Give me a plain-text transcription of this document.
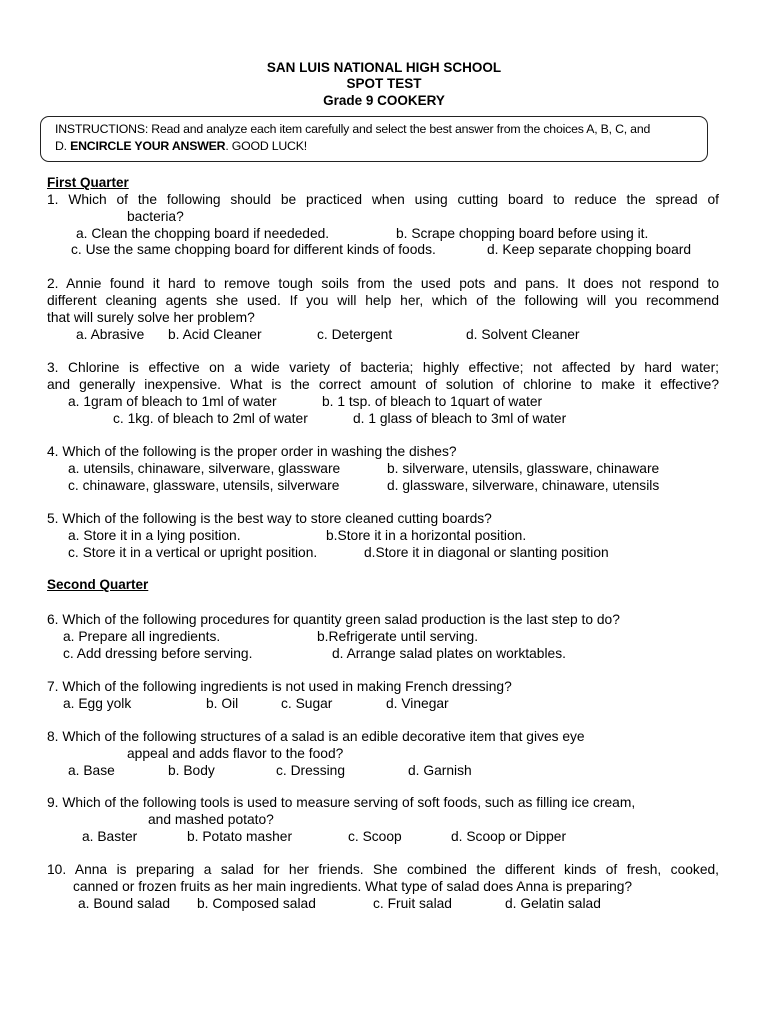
SAN LUIS NATIONAL HIGH SCHOOL
SPOT TEST
Grade 9 COOKERY
INSTRUCTIONS: Read and analyze each item carefully and select the best answer from the choices A, B, C, and
D. ENCIRCLE YOUR ANSWER. GOOD LUCK!
First Quarter
1. Which of the following should be practiced when using cutting board to reduce the spread of
bacteria?
a. Clean the chopping board if neededed.	b. Scrape chopping board before using it.
c. Use the same chopping board for different kinds of foods.	d. Keep separate chopping board
2. Annie found it hard to remove tough soils from the used pots and pans. It does not respond to
different cleaning agents she used. If you will help her, which of the following will you recommend
that will surely solve her problem?
a. Abrasive b. Acid Cleaner	c. Detergent	d. Solvent Cleaner
3. Chlorine is effective on a wide variety of bacteria; highly effective; not affected by hard water;
and generally inexpensive. What is the correct amount of solution of chlorine to make it effective?
a. 1gram of bleach to 1ml of water	b. 1 tsp. of bleach to 1quart of water
c. 1kg. of bleach to 2ml of water	d. 1 glass of bleach to 3ml of water
4. Which of the following is the proper order in washing the dishes?
a. utensils, chinaware, silverware, glassware	b. silverware, utensils, glassware, chinaware
c. chinaware, glassware, utensils, silverware	d. glassware, silverware, chinaware, utensils
5. Which of the following is the best way to store cleaned cutting boards?
a. Store it in a lying position.	b.Store it in a horizontal position.
c. Store it in a vertical or upright position.	d.Store it in diagonal or slanting position
Second Quarter
6. Which of the following procedures for quantity green salad production is the last step to do?
a. Prepare all ingredients.	b.Refrigerate until serving.
c. Add dressing before serving.	d. Arrange salad plates on worktables.
7. Which of the following ingredients is not used in making French dressing?
a. Egg yolk	b. Oil	c. Sugar	d. Vinegar
8. Which of the following structures of a salad is an edible decorative item that gives eye
appeal and adds flavor to the food?
a. Base	b. Body	c. Dressing	d. Garnish
9. Which of the following tools is used to measure serving of soft foods, such as filling ice cream,
and mashed potato?
a. Baster	b. Potato masher	c. Scoop	d. Scoop or Dipper
10. Anna is preparing a salad for her friends. She combined the different kinds of fresh, cooked,
canned or frozen fruits as her main ingredients. What type of salad does Anna is preparing?
a. Bound salad b. Composed salad	c. Fruit salad	d. Gelatin salad
